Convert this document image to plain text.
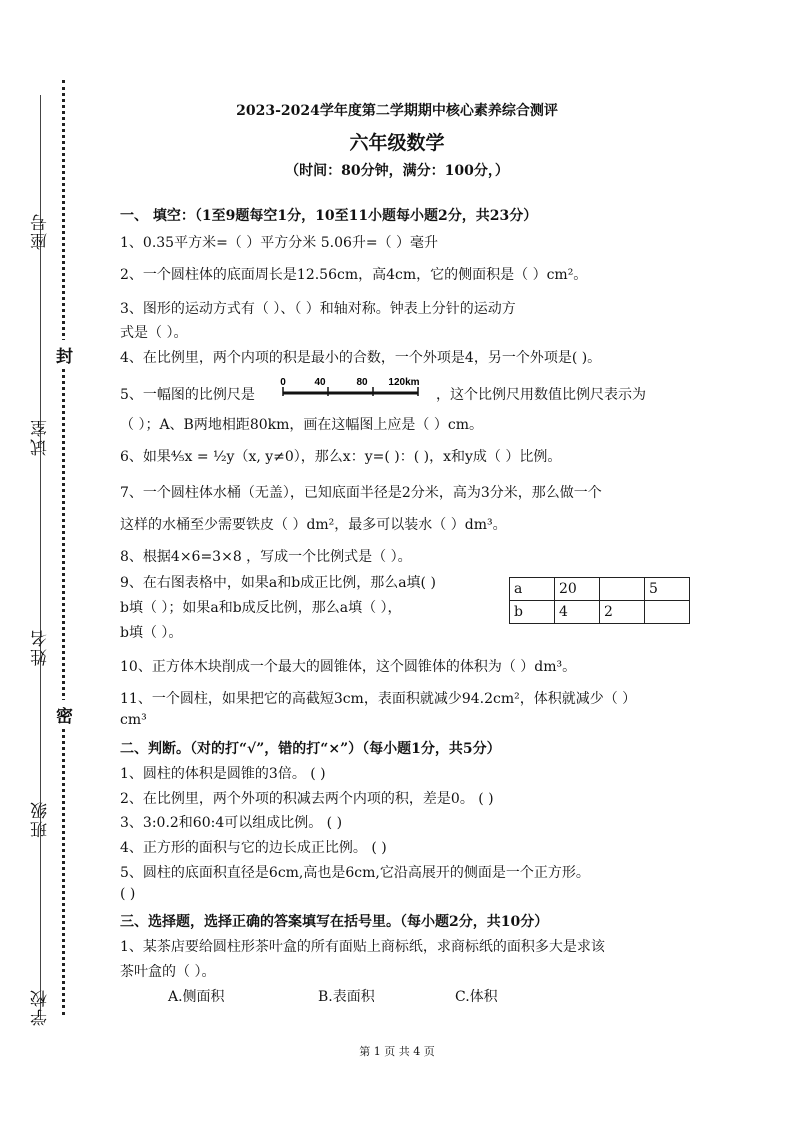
座号
试室
姓名
班级
学校
封
密
2023-2024学年度第二学期期中核心素养综合测评
六年级数学
（时间：80分钟，满分：100分，）
一、 填空：（1至9题每空1分，10至11小题每小题2分，共23分）
1、0.35平方米=（ ）平方分米 5.06升=（ ）毫升
2、一个圆柱体的底面周长是12.56cm，高4cm，它的侧面积是（ ）cm²。
3、图形的运动方式有（ ）、（ ）和轴对称。钟表上分针的运动方
式是（ ）。
4、在比例里，两个内项的积是最小的合数，一个外项是4，另一个外项是( )。
5、一幅图的比例尺是
0	40	80 120km
，这个比例尺用数值比例尺表示为
（ ）；A、B两地相距80km，画在这幅图上应是（ ）cm。
6、如果⁴⁄₅x = ¹⁄₂y（x, y≠0），那么x：y=( )：( )，x和y成（ ）比例。
7、一个圆柱体水桶（无盖），已知底面半径是2分米，高为3分米，那么做一个
这样的水桶至少需要铁皮（ ）dm²，最多可以装水（ ）dm³。
8、根据4×6=3×8 ，写成一个比例式是（ ）。
9、在右图表格中，如果a和b成正比例，那么a填( )
b填（ ）；如果a和b成反比例，那么a填（ ），
b填（ ）。
a	20		5
b	4	2	
10、正方体木块削成一个最大的圆锥体，这个圆锥体的体积为（ ）dm³。
11、一个圆柱，如果把它的高截短3cm，表面积就减少94.2cm²，体积就减少（ ）
cm³
二、判断。（对的打“√”，错的打“×”）（每小题1分，共5分）
1、圆柱的体积是圆锥的3倍。 ( )
2、在比例里，两个外项的积减去两个内项的积，差是0。 ( )
3、3:0.2和60:4可以组成比例。 ( )
4、正方形的面积与它的边长成正比例。 ( )
5、圆柱的底面积直径是6cm,高也是6cm,它沿高展开的侧面是一个正方形。
( )
三、选择题，选择正确的答案填写在括号里。（每小题2分，共10分）
1、某茶店要给圆柱形茶叶盒的所有面贴上商标纸，求商标纸的面积多大是求该
茶叶盒的（ ）。
A.侧面积	B.表面积	C.体积
第 1 页 共 4 页
